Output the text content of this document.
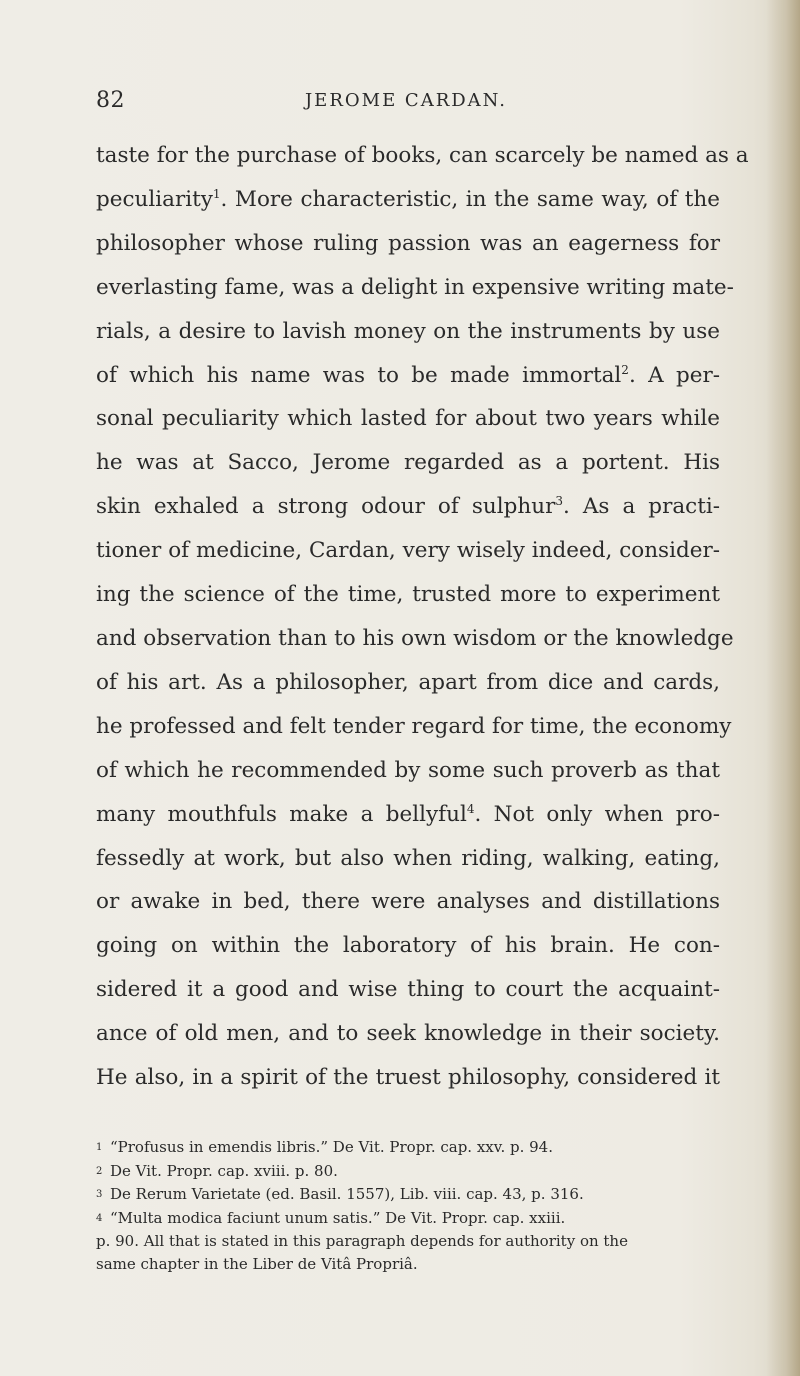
82	JEROME CARDAN.
taste for the purchase of books, can scarcely be named as a
peculiarity$^1$. More characteristic, in the same way, of the
philosopher whose ruling passion was an eagerness for
everlasting fame, was a delight in expensive writing mate-
rials, a desire to lavish money on the instruments by use
of which his name was to be made immortal$^2$. A per-
sonal peculiarity which lasted for about two years while
he was at Sacco, Jerome regarded as a portent. His
skin exhaled a strong odour of sulphur$^3$. As a practi-
tioner of medicine, Cardan, very wisely indeed, consider-
ing the science of the time, trusted more to experiment
and observation than to his own wisdom or the knowledge
of his art. As a philosopher, apart from dice and cards,
he professed and felt tender regard for time, the economy
of which he recommended by some such proverb as that
many mouthfuls make a bellyful$^4$. Not only when pro-
fessedly at work, but also when riding, walking, eating,
or awake in bed, there were analyses and distillations
going on within the laboratory of his brain. He con-
sidered it a good and wise thing to court the acquaint-
ance of old men, and to seek knowledge in their society.
He also, in a spirit of the truest philosophy, considered it
1 “Profusus in emendis libris.” De Vit. Propr. cap. xxv. p. 94.
2 De Vit. Propr. cap. xviii. p. 80.
3 De Rerum Varietate (ed. Basil. 1557), Lib. viii. cap. 43, p. 316.
4 “Multa modica faciunt unum satis.” De Vit. Propr. cap. xxiii.
p. 90. All that is stated in this paragraph depends for authority on the
same chapter in the Liber de Vitâ Propriâ.
